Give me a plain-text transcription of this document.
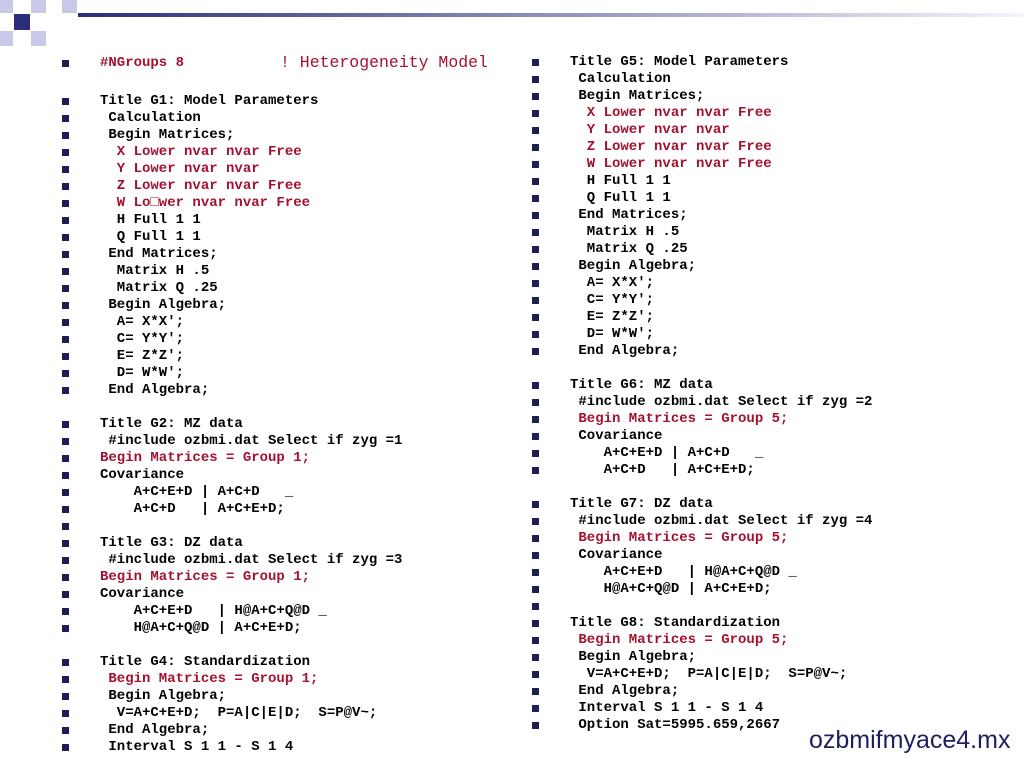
#NGroups 8	! Heterogeneity Model
Title G1: Model Parameters
Calculation
Begin Matrices;
X Lower nvar nvar Free
Y Lower nvar nvar
Z Lower nvar nvar Free
W Lo□wer nvar nvar Free
H Full 1 1
Q Full 1 1
End Matrices;
Matrix H .5
Matrix Q .25
Begin Algebra;
A= X*X';
C= Y*Y';
E= Z*Z';
D= W*W';
End Algebra;
Title G2: MZ data
#include ozbmi.dat Select if zyg =1
Begin Matrices = Group 1;
Covariance
A+C+E+D | A+C+D   _
A+C+D   | A+C+E+D;
Title G3: DZ data
#include ozbmi.dat Select if zyg =3
Begin Matrices = Group 1;
Covariance
A+C+E+D   | H@A+C+Q@D _
H@A+C+Q@D | A+C+E+D;
Title G4: Standardization
Begin Matrices = Group 1;
Begin Algebra;
V=A+C+E+D;  P=A|C|E|D;  S=P@V~;
End Algebra;
Interval S 1 1 - S 1 4
Title G5: Model Parameters
Calculation
Begin Matrices;
X Lower nvar nvar Free
Y Lower nvar nvar
Z Lower nvar nvar Free
W Lower nvar nvar Free
H Full 1 1
Q Full 1 1
End Matrices;
Matrix H .5
Matrix Q .25
Begin Algebra;
A= X*X';
C= Y*Y';
E= Z*Z';
D= W*W';
End Algebra;
Title G6: MZ data
#include ozbmi.dat Select if zyg =2
Begin Matrices = Group 5;
Covariance
A+C+E+D | A+C+D   _
A+C+D   | A+C+E+D;
Title G7: DZ data
#include ozbmi.dat Select if zyg =4
Begin Matrices = Group 5;
Covariance
A+C+E+D   | H@A+C+Q@D _
H@A+C+Q@D | A+C+E+D;
Title G8: Standardization
Begin Matrices = Group 5;
Begin Algebra;
V=A+C+E+D;  P=A|C|E|D;  S=P@V~;
End Algebra;
Interval S 1 1 - S 1 4
Option Sat=5995.659,2667
ozbmifmyace4.mx
